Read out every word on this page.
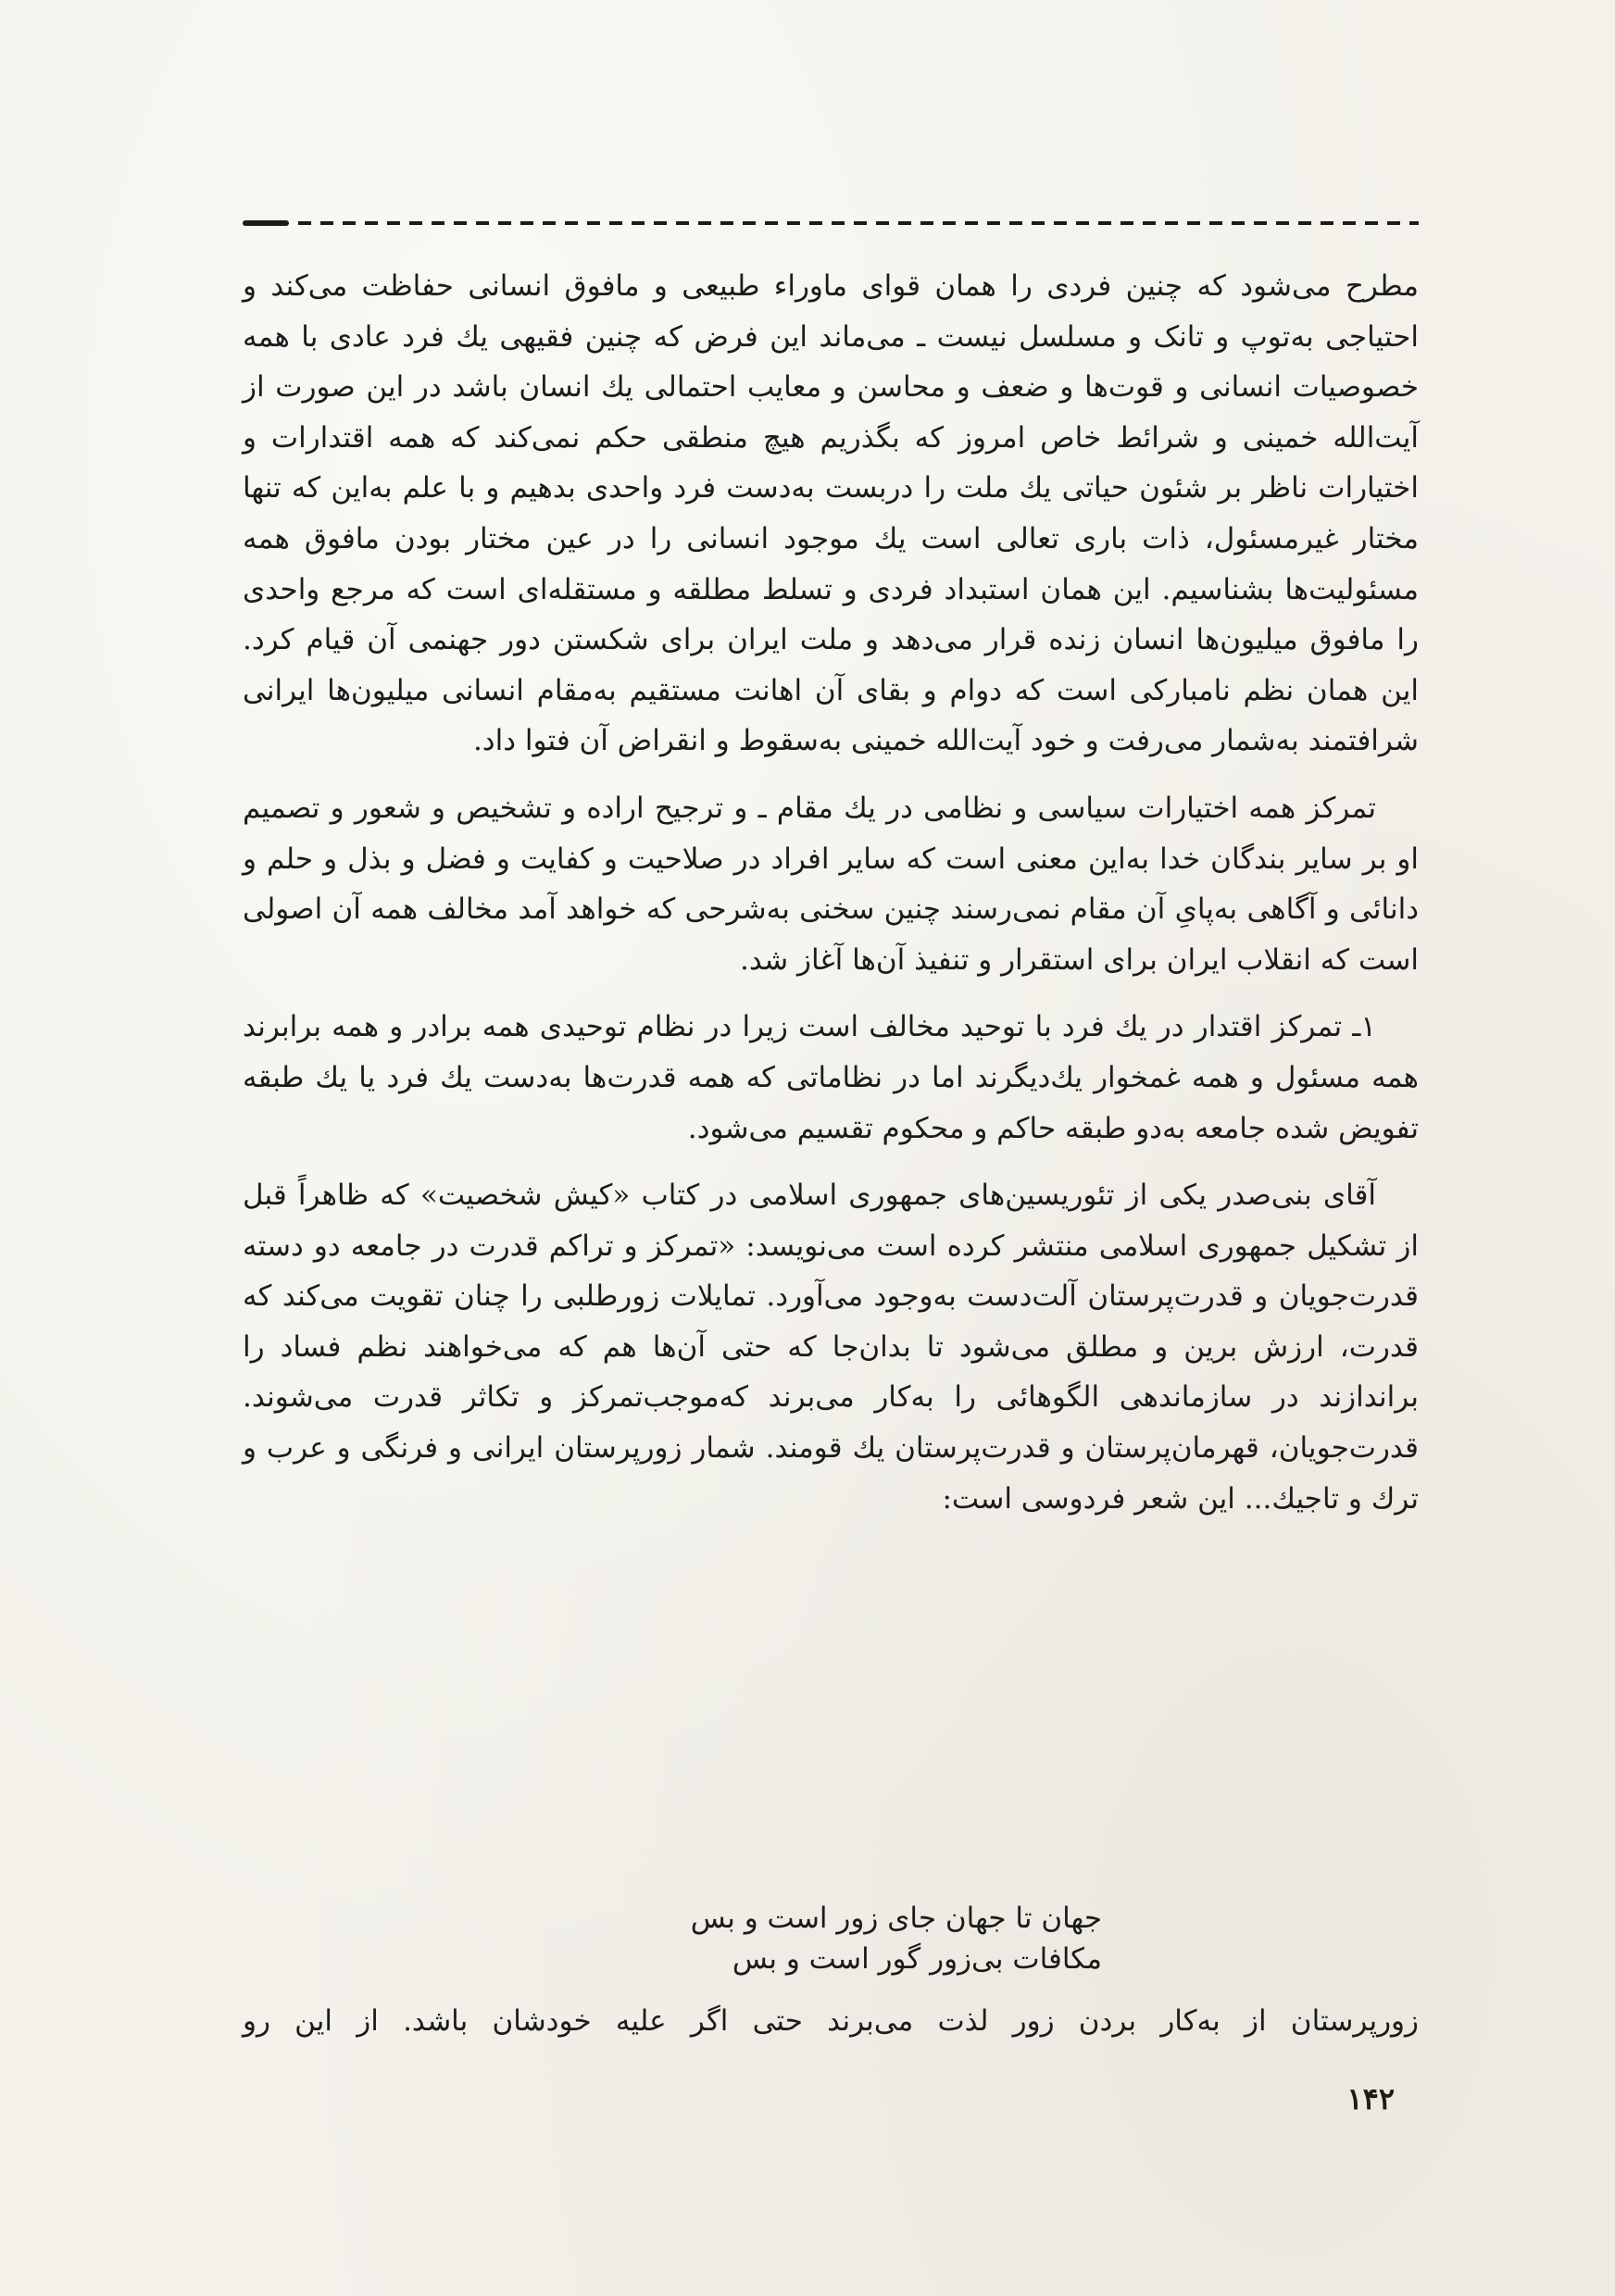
مطرح می‌شود که چنین فردی را همان قوای ماوراء طبیعی و مافوق انسانی حفاظت می‌کند و احتیاجی به‌توپ و تانک و مسلسل نیست ـ می‌ماند این فرض که چنین فقیهی یك فرد عادی با همه خصوصیات انسانی و قوت‌ها و ضعف و محاسن و معایب احتمالی یك انسان باشد در این صورت از آیت‌الله خمینی و شرائط خاص امروز که بگذریم هیچ منطقی حکم نمی‌کند که همه اقتدارات و اختیارات ناظر بر شئون حیاتی یك ملت را دربست به‌دست فرد واحدی بدهیم و با علم به‌این که تنها مختار غیرمسئول، ذات باری تعالی است یك موجود انسانی را در عین مختار بودن مافوق همه مسئولیت‌ها بشناسیم. این همان استبداد فردی و تسلط مطلقه و مستقله‌ای است که مرجع واحدی را مافوق میلیون‌ها انسان زنده قرار می‌دهد و ملت ایران برای شکستن دور جهنمی آن قیام کرد. این همان نظم نامبارکی است که دوام و بقای آن اهانت مستقیم به‌مقام انسانی میلیون‌ها ایرانی شرافتمند به‌شمار می‌رفت و خود آیت‌الله خمینی به‌سقوط و انقراض آن فتوا داد.

تمرکز همه اختیارات سیاسی و نظامی در یك مقام ـ و ترجیح اراده و تشخیص و شعور و تصمیم او بر سایر بندگان خدا به‌این معنی است که سایر افراد در صلاحیت و کفایت و فضل و بذل و حلم و دانائی و آگاهی به‌پایِ آن مقام نمی‌رسند چنین سخنی به‌شرحی که خواهد آمد مخالف همه آن اصولی است که انقلاب ایران برای استقرار و تنفیذ آن‌ها آغاز شد.

۱ـ تمرکز اقتدار در یك فرد با توحید مخالف است زیرا در نظام توحیدی همه برادر و همه برابرند همه مسئول و همه غمخوار یك‌دیگرند اما در نظاماتی که همه قدرت‌ها به‌دست یك فرد یا یك طبقه تفویض شده جامعه به‌دو طبقه حاکم و محکوم تقسیم می‌شود.

آقای بنی‌صدر یکی از تئوریسین‌های جمهوری اسلامی در کتاب «کیش شخصیت» که ظاهراً قبل از تشکیل جمهوری اسلامی منتشر کرده است می‌نویسد: «تمرکز و تراکم قدرت در جامعه دو دسته قدرت‌جویان و قدرت‌پرستان آلت‌دست به‌وجود می‌آورد. تمایلات زورطلبی را چنان تقویت می‌کند که قدرت، ارزش برین و مطلق می‌شود تا بدان‌جا که حتی آن‌ها هم که می‌خواهند نظم فساد را براندازند در سازماندهی الگوهائی را به‌کار می‌برند که‌موجب‌تمرکز و تکاثر قدرت می‌شوند. قدرت‌جویان، قهرمان‌پرستان و قدرت‌پرستان یك قومند. شمار زورپرستان ایرانی و فرنگی و عرب و ترك و تاجیك... این شعر فردوسی است:

جهان تا جهان جای زور است و بس
مکافات بی‌زور گور است و بس
زورپرستان از به‌کار بردن زور لذت می‌برند حتی اگر علیه خودشان باشد. از این رو
۱۴۲
